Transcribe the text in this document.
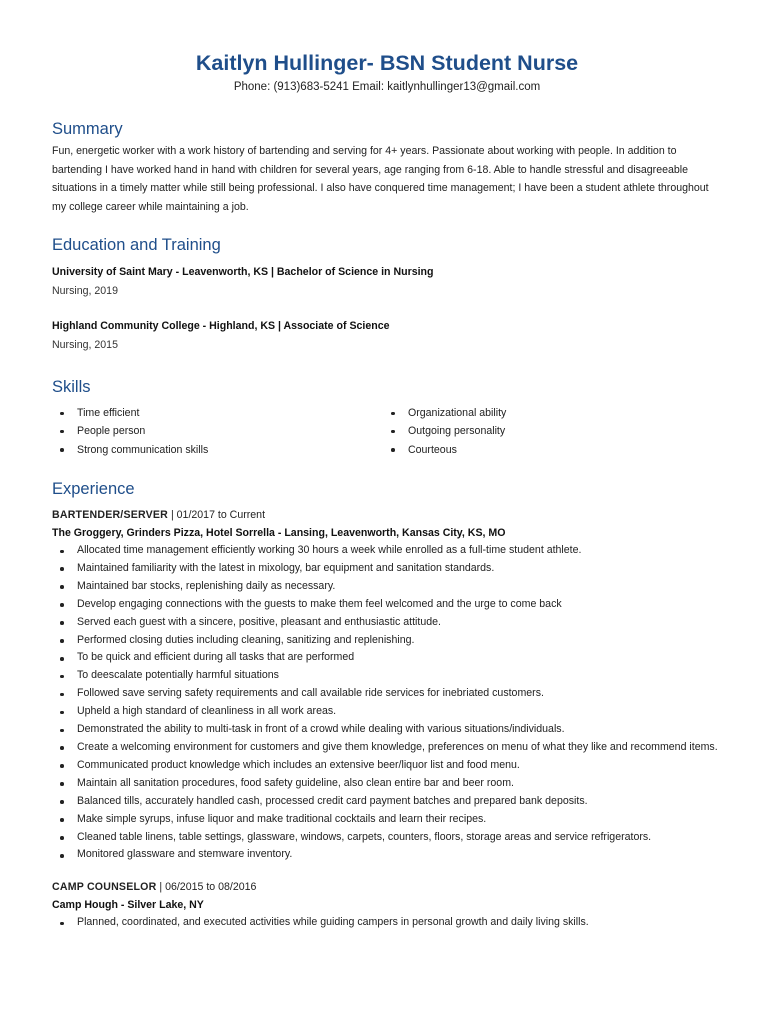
Kaitlyn Hullinger- BSN Student Nurse
Phone: (913)683-5241 Email: kaitlynhullinger13@gmail.com
Summary
Fun, energetic worker with a work history of bartending and serving for 4+ years. Passionate about working with people. In addition to bartending I have worked hand in hand with children for several years, age ranging from 6-18. Able to handle stressful and disagreeable situations in a timely matter while still being professional. I also have conquered time management; I have been a student athlete throughout my college career while maintaining a job.
Education and Training
University of Saint Mary - Leavenworth, KS | Bachelor of Science in Nursing
Nursing, 2019
Highland Community College - Highland, KS | Associate of Science
Nursing, 2015
Skills
Time efficient	Organizational ability
People person	Outgoing personality
Strong communication skills	Courteous
Experience
BARTENDER/SERVER | 01/2017 to Current
The Groggery, Grinders Pizza, Hotel Sorrella - Lansing, Leavenworth, Kansas City, KS, MO
Allocated time management efficiently working 30 hours a week while enrolled as a full-time student athlete.
Maintained familiarity with the latest in mixology, bar equipment and sanitation standards.
Maintained bar stocks, replenishing daily as necessary.
Develop engaging connections with the guests to make them feel welcomed and the urge to come back
Served each guest with a sincere, positive, pleasant and enthusiastic attitude.
Performed closing duties including cleaning, sanitizing and replenishing.
To be quick and efficient during all tasks that are performed
To deescalate potentially harmful situations
Followed save serving safety requirements and call available ride services for inebriated customers.
Upheld a high standard of cleanliness in all work areas.
Demonstrated the ability to multi-task in front of a crowd while dealing with various situations/individuals.
Create a welcoming environment for customers and give them knowledge, preferences on menu of what they like and recommend items.
Communicated product knowledge which includes an extensive beer/liquor list and food menu.
Maintain all sanitation procedures, food safety guideline, also clean entire bar and beer room.
Balanced tills, accurately handled cash, processed credit card payment batches and prepared bank deposits.
Make simple syrups, infuse liquor and make traditional cocktails and learn their recipes.
Cleaned table linens, table settings, glassware, windows, carpets, counters, floors, storage areas and service refrigerators.
Monitored glassware and stemware inventory.
CAMP COUNSELOR | 06/2015 to 08/2016
Camp Hough - Silver Lake, NY
Planned, coordinated, and executed activities while guiding campers in personal growth and daily living skills.
